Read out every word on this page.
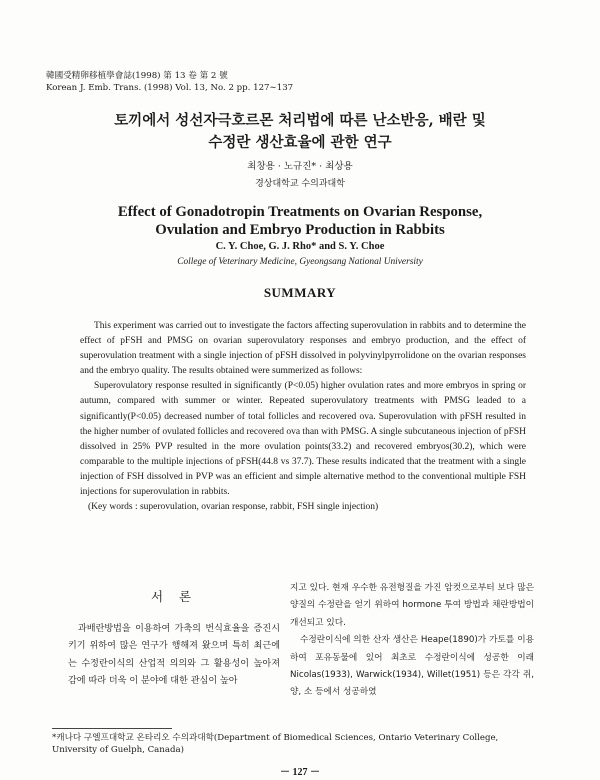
韓國受精卵移植學會誌(1998) 第 13 卷 第 2 號
Korean J. Emb. Trans. (1998) Vol. 13, No. 2 pp. 127∼137
토끼에서 성선자극호르몬 처리법에 따른 난소반응, 배란 및
수정란 생산효율에 관한 연구
최창용 · 노규진* · 최상용
경상대학교 수의과대학
Effect of Gonadotropin Treatments on Ovarian Response,
Ovulation and Embryo Production in Rabbits
C. Y. Choe, G. J. Rho* and S. Y. Choe
College of Veterinary Medicine, Gyeongsang National University
SUMMARY

This experiment was carried out to investigate the factors affecting superovulation in rabbits and to determine the effect of pFSH and PMSG on ovarian superovulatory responses and embryo production, and the effect of superovulation treatment with a single injection of pFSH dissolved in polyvinylpyrrolidone on the ovarian responses and the embryo quality. The results obtained were summerized as follows:

Superovulatory response resulted in significantly (P<0.05) higher ovulation rates and more embryos in spring or autumn, compared with summer or winter. Repeated superovulatory treatments with PMSG leaded to a significantly(P<0.05) decreased number of total follicles and recovered ova. Superovulation with pFSH resulted in the higher number of ovulated follicles and recovered ova than with PMSG. A single subcutaneous injection of pFSH dissolved in 25% PVP resulted in the more ovulation points(33.2) and recovered embryos(30.2), which were comparable to the multiple injections of pFSH(44.8 vs 37.7). These results indicated that the treatment with a single injection of FSH dissolved in PVP was an efficient and simple alternative method to the conventional multiple FSH injections for superovulation in rabbits.

(Key words : superovulation, ovarian response, rabbit, FSH single injection)

서 론

과배란방법을 이용하여 가축의 번식효율을 증진시키기 위하여 많은 연구가 행해져 왔으며 특히 최근에는 수정란이식의 산업적 의의와 그 활용성이 높아져 감에 따라 더욱 이 분야에 대한 관심이 높아

지고 있다. 현재 우수한 유전형질을 가진 암컷으로부터 보다 많은 양질의 수정란을 얻기 위하여 hormone 투여 방법과 채란방법이 개선되고 있다.

수정란이식에 의한 산자 생산은 Heape(1890)가 가토를 이용하여 포유동물에 있어 최초로 수정란이식에 성공한 이래 Nicolas(1933), Warwick(1934), Willet(1951) 등은 각각 쥐, 양, 소 등에서 성공하였

*캐나다 구엘프대학교 온타리오 수의과대학(Department of Biomedical Sciences, Ontario Veterinary College, University of Guelph, Canada)
－ 127 －
